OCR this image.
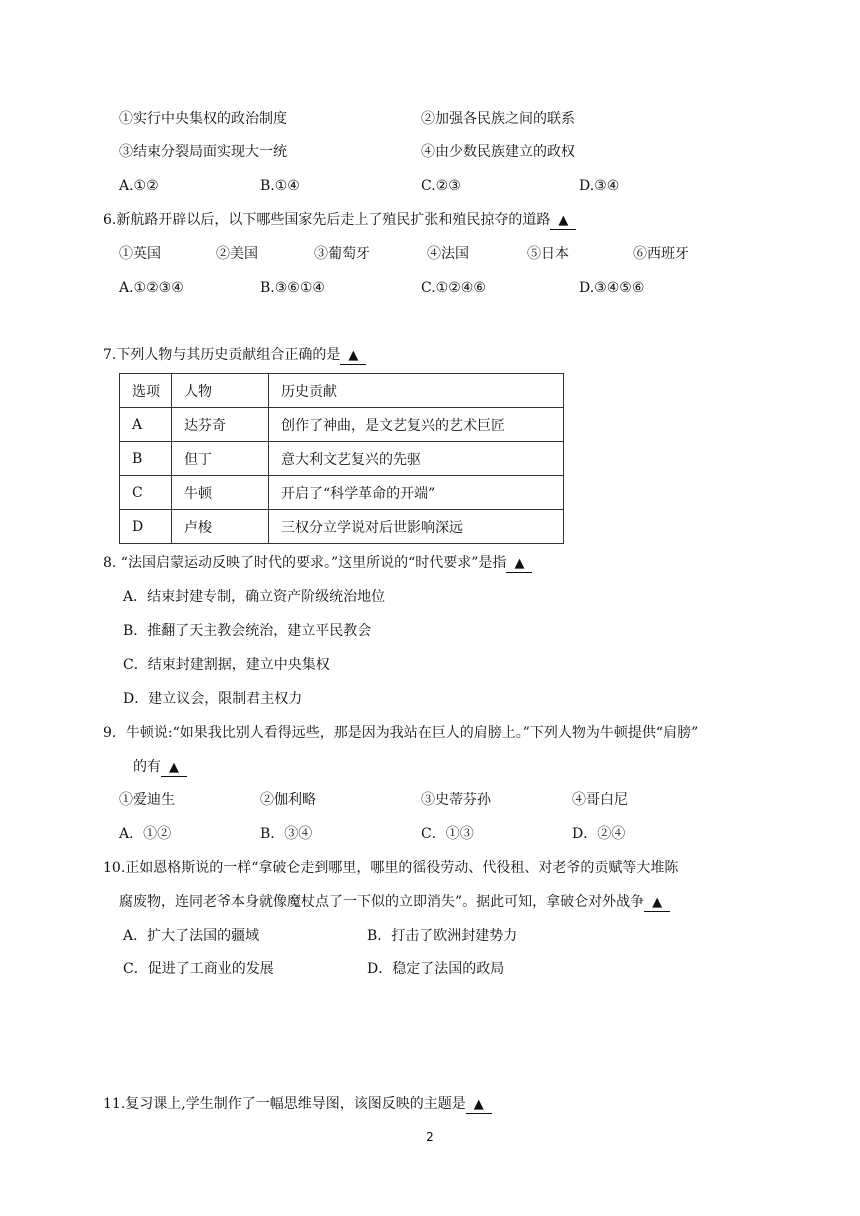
①实行中央集权的政治制度	②加强各民族之间的联系
③结束分裂局面实现大一统	④由少数民族建立的政权
A.①②	B.①④	C.②③	D.③④
6.新航路开辟以后，以下哪些国家先后走上了殖民扩张和殖民掠夺的道路 ▲
①英国	②美国	③葡萄牙	④法国	⑤日本	⑥西班牙
A.①②③④	B.③⑥①④	C.①②④⑥	D.③④⑤⑥
7.下列人物与其历史贡献组合正确的是 ▲
选项	人物	历史贡献
A	达芬奇	创作了神曲，是文艺复兴的艺术巨匠
B	但丁	意大利文艺复兴的先驱
C	牛顿	开启了“科学革命的开端”
D	卢梭	三权分立学说对后世影响深远
8. “法国启蒙运动反映了时代的要求。”这里所说的“时代要求”是指 ▲
A．结束封建专制，确立资产阶级统治地位
B．推翻了天主教会统治，建立平民教会
C．结束封建割据，建立中央集权
D．建立议会，限制君主权力
9．牛顿说:“如果我比别人看得远些，那是因为我站在巨人的肩膀上。”下列人物为牛顿提供“肩膀”
的有 ▲
①爱迪生	②伽利略	③史蒂芬孙	④哥白尼
A．①②	B．③④	C．①③	D．②④
10.正如恩格斯说的一样“拿破仑走到哪里，哪里的徭役劳动、代役租、对老爷的贡赋等大堆陈
腐废物，连同老爷本身就像魔杖点了一下似的立即消失”。据此可知，拿破仑对外战争 ▲
A．扩大了法国的疆域	B．打击了欧洲封建势力
C．促进了工商业的发展	D．稳定了法国的政局
11.复习课上,学生制作了一幅思维导图，该图反映的主题是 ▲
2
